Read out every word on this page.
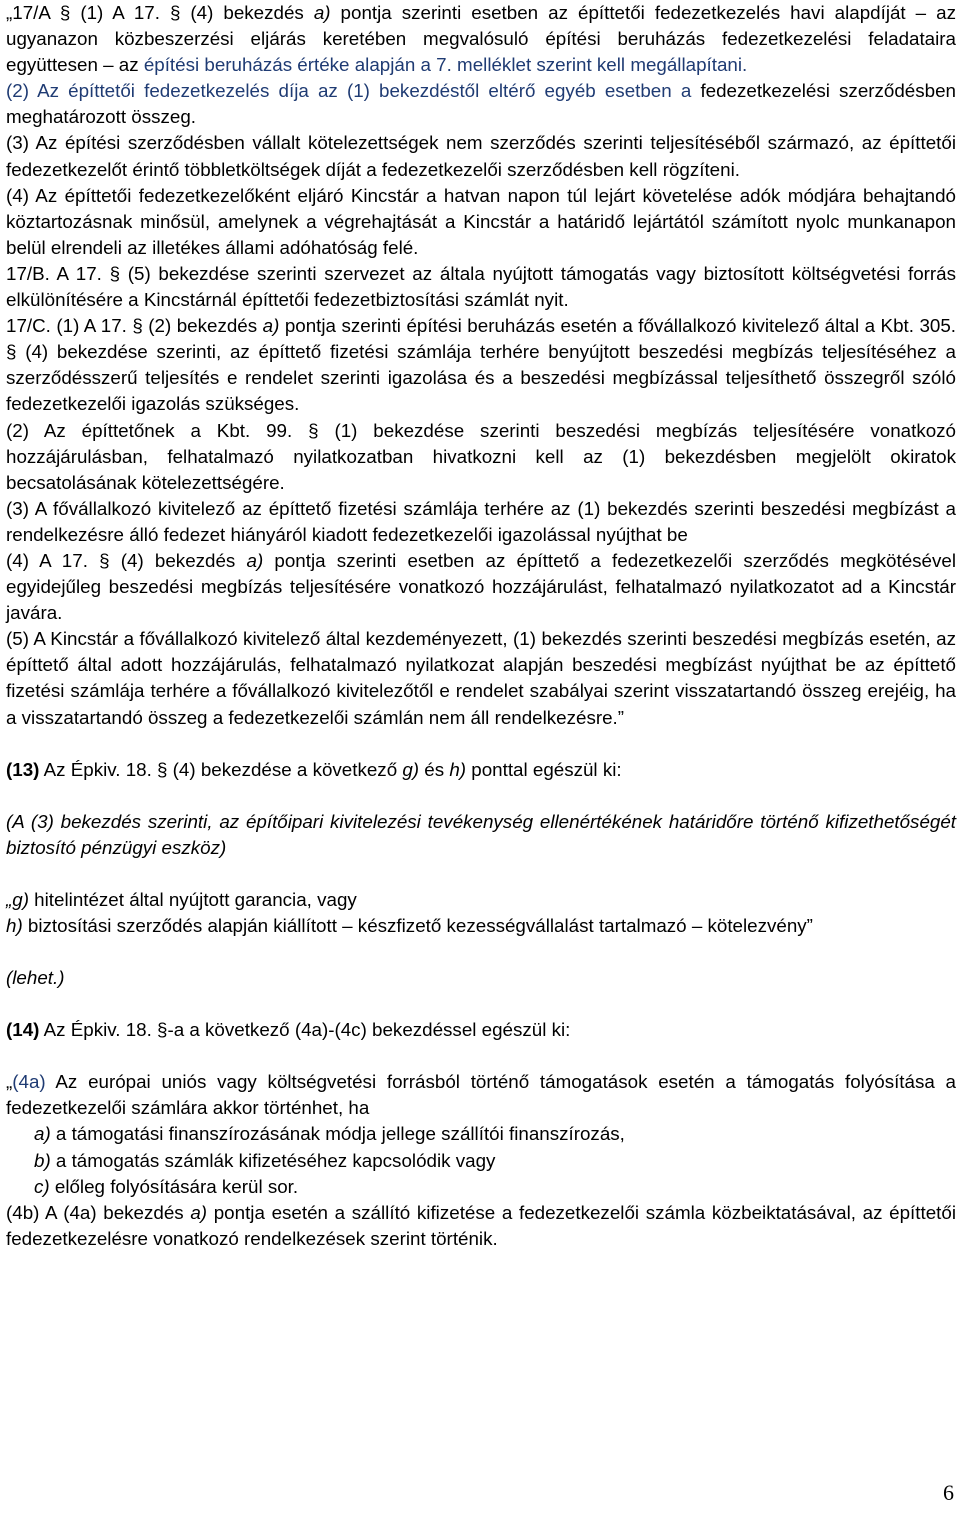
„17/A § (1) A 17. § (4) bekezdés a) pontja szerinti esetben az építtetői fedezetkezelés havi alapdíját – az ugyanazon közbeszerzési eljárás keretében megvalósuló építési beruházás fedezetkezelési feladataira együttesen – az építési beruházás értéke alapján a 7. melléklet szerint kell megállapítani.

(2) Az építtetői fedezetkezelés díja az (1) bekezdéstől eltérő egyéb esetben a fedezetkezelési szerződésben meghatározott összeg.

(3) Az építési szerződésben vállalt kötelezettségek nem szerződés szerinti teljesítéséből származó, az építtetői fedezetkezelőt érintő többletköltségek díját a fedezetkezelői szerződésben kell rögzíteni.

(4) Az építtetői fedezetkezelőként eljáró Kincstár a hatvan napon túl lejárt követelése adók módjára behajtandó köztartozásnak minősül, amelynek a végrehajtását a Kincstár a határidő lejártától számított nyolc munkanapon belül elrendeli az illetékes állami adóhatóság felé.

17/B. A 17. § (5) bekezdése szerinti szervezet az általa nyújtott támogatás vagy biztosított költségvetési forrás elkülönítésére a Kincstárnál építtetői fedezetbiztosítási számlát nyit.

17/C. (1) A 17. § (2) bekezdés a) pontja szerinti építési beruházás esetén a fővállalkozó kivitelező által a Kbt. 305. § (4) bekezdése szerinti, az építtető fizetési számlája terhére benyújtott beszedési megbízás teljesítéséhez a szerződésszerű teljesítés e rendelet szerinti igazolása és a beszedési megbízással teljesíthető összegről szóló fedezetkezelői igazolás szükséges.

(2) Az építtetőnek a Kbt. 99. § (1) bekezdése szerinti beszedési megbízás teljesítésére vonatkozó hozzájárulásban, felhatalmazó nyilatkozatban hivatkozni kell az (1) bekezdésben megjelölt okiratok becsatolásának kötelezettségére.

(3) A fővállalkozó kivitelező az építtető fizetési számlája terhére az (1) bekezdés szerinti beszedési megbízást a rendelkezésre álló fedezet hiányáról kiadott fedezetkezelői igazolással nyújthat be

(4) A 17. § (4) bekezdés a) pontja szerinti esetben az építtető a fedezetkezelői szerződés megkötésével egyidejűleg beszedési megbízás teljesítésére vonatkozó hozzájárulást, felhatalmazó nyilatkozatot ad a Kincstár javára.

(5) A Kincstár a fővállalkozó kivitelező által kezdeményezett, (1) bekezdés szerinti beszedési megbízás esetén, az építtető által adott hozzájárulás, felhatalmazó nyilatkozat alapján beszedési megbízást nyújthat be az építtető fizetési számlája terhére a fővállalkozó kivitelezőtől e rendelet szabályai szerint visszatartandó összeg erejéig, ha a visszatartandó összeg a fedezetkezelői számlán nem áll rendelkezésre.”

(13) Az Épkiv. 18. § (4) bekezdése a következő g) és h) ponttal egészül ki:

(A (3) bekezdés szerinti, az építőipari kivitelezési tevékenység ellenértékének határidőre történő kifizethetőségét biztosító pénzügyi eszköz)

„g) hitelintézet által nyújtott garancia, vagy

h) biztosítási szerződés alapján kiállított – készfizető kezességvállalást tartalmazó – kötelezvény”

(lehet.)

(14) Az Épkiv. 18. §-a a következő (4a)-(4c) bekezdéssel egészül ki:

„(4a) Az európai uniós vagy költségvetési forrásból történő támogatások esetén a támogatás folyósítása a fedezetkezelői számlára akkor történhet, ha

a) a támogatási finanszírozásának módja jellege szállítói finanszírozás,

b) a támogatás számlák kifizetéséhez kapcsolódik vagy

c) előleg folyósítására kerül sor.

(4b) A (4a) bekezdés a) pontja esetén a szállító kifizetése a fedezetkezelői számla közbeiktatásával, az építtetői fedezetkezelésre vonatkozó rendelkezések szerint történik.

6
